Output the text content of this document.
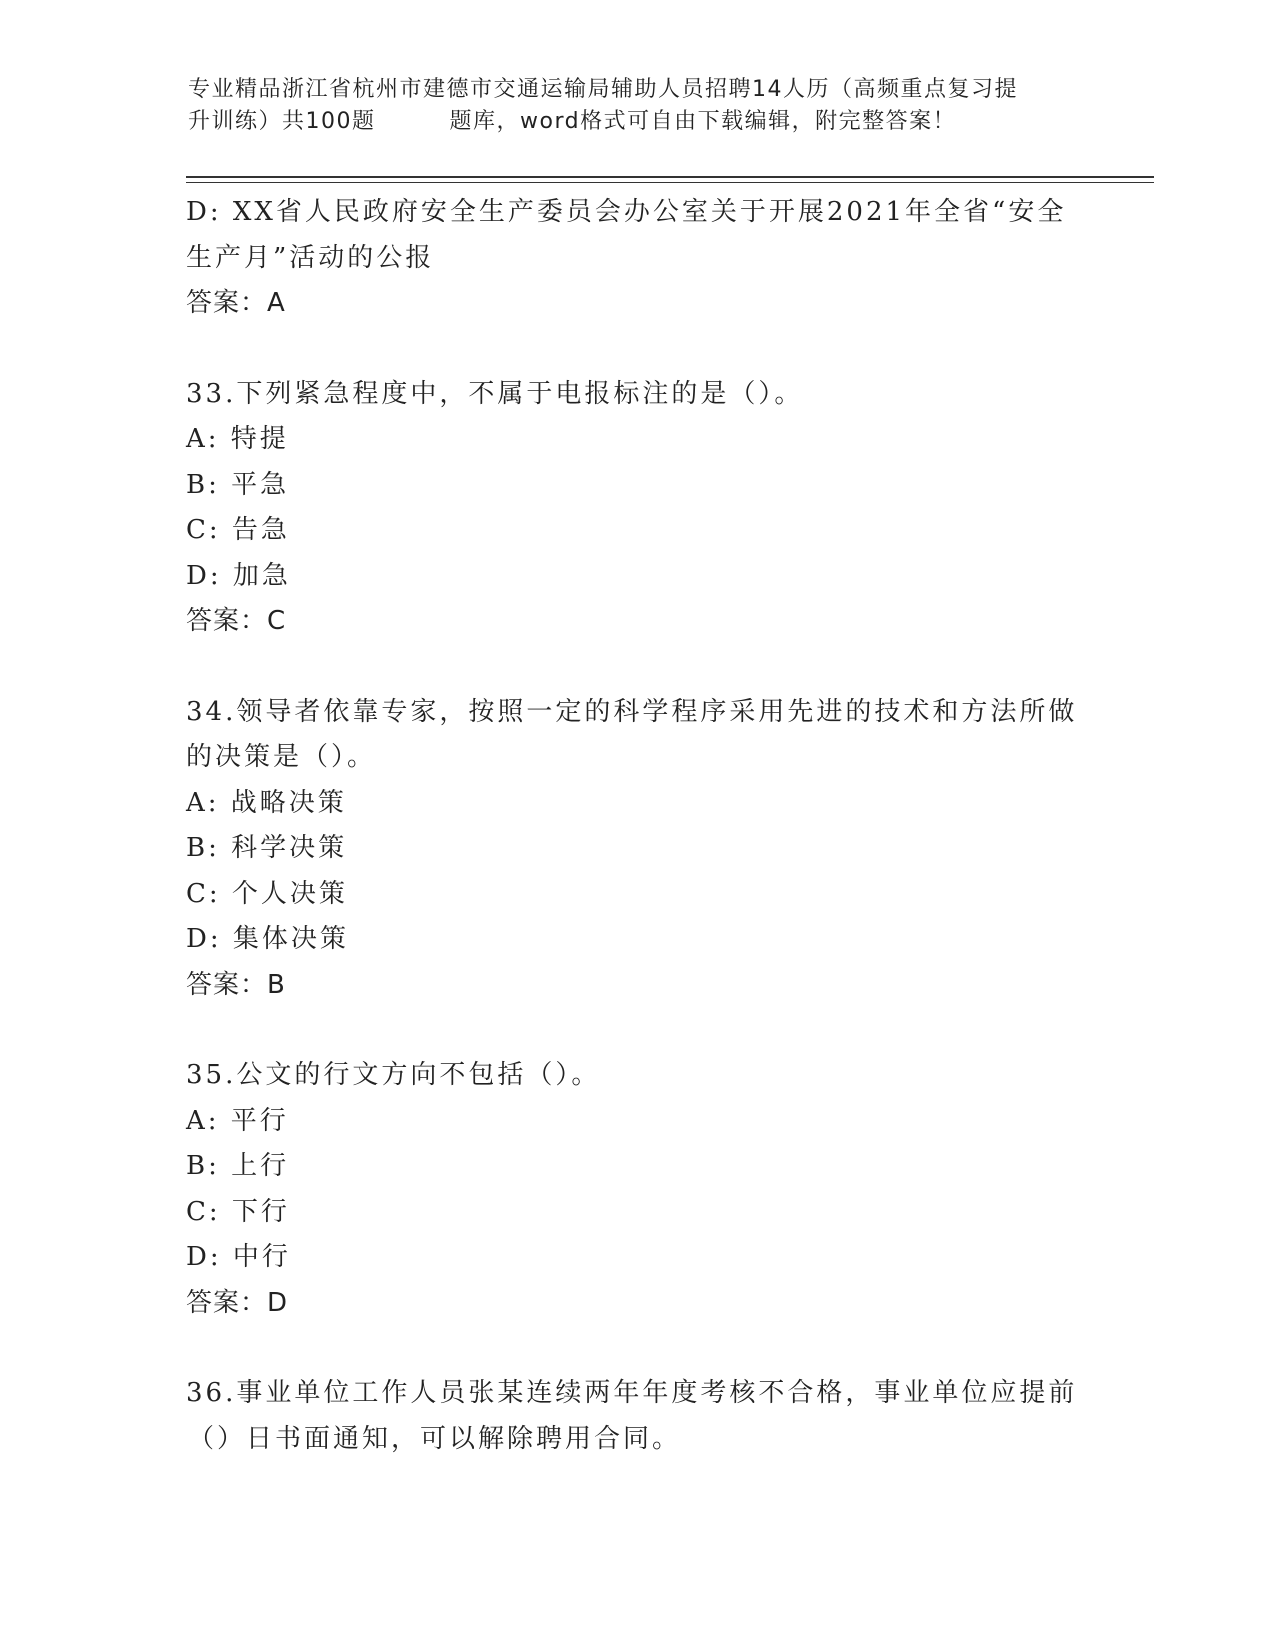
专业精品浙江省杭州市建德市交通运输局辅助人员招聘14人历（高频重点复习提
升训练）共100题	题库，word格式可自由下载编辑，附完整答案！
D: XX省人民政府安全生产委员会办公室关于开展2021年全省“安全
生产月”活动的公报
答案：A
33.下列紧急程度中，不属于电报标注的是（）。
A: 特提
B: 平急
C: 告急
D: 加急
答案：C
34.领导者依靠专家，按照一定的科学程序采用先进的技术和方法所做
的决策是（）。
A: 战略决策
B: 科学决策
C: 个人决策
D: 集体决策
答案：B
35.公文的行文方向不包括（）。
A: 平行
B: 上行
C: 下行
D: 中行
答案：D
36.事业单位工作人员张某连续两年年度考核不合格，事业单位应提前
（）日书面通知，可以解除聘用合同。
